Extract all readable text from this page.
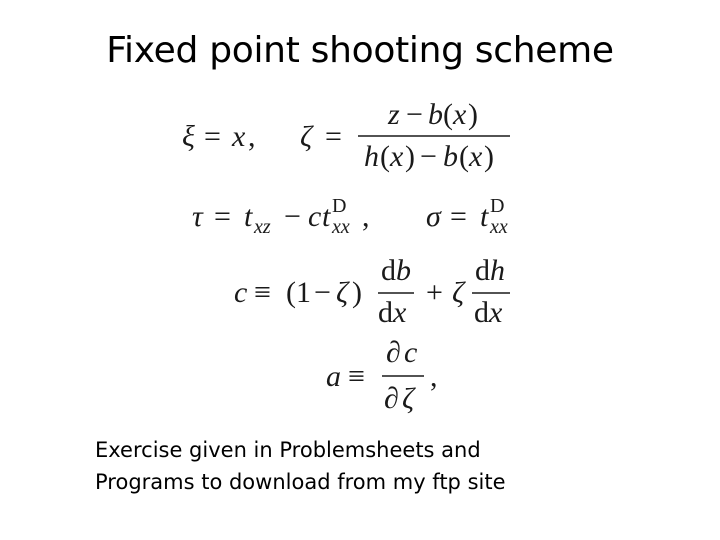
Fixed point shooting scheme
ξ = x , ζ =
z − b ( x )
h ( x ) − b ( x )
τ = t xz − c t D
xx , σ = t D
xx
c ≡ ( 1 − ζ )
d b
d x
+ ζ
d h
d x
a ≡
∂ c
∂ ζ
,
Exercise given in Problemsheets and
Programs to download from my ftp site
